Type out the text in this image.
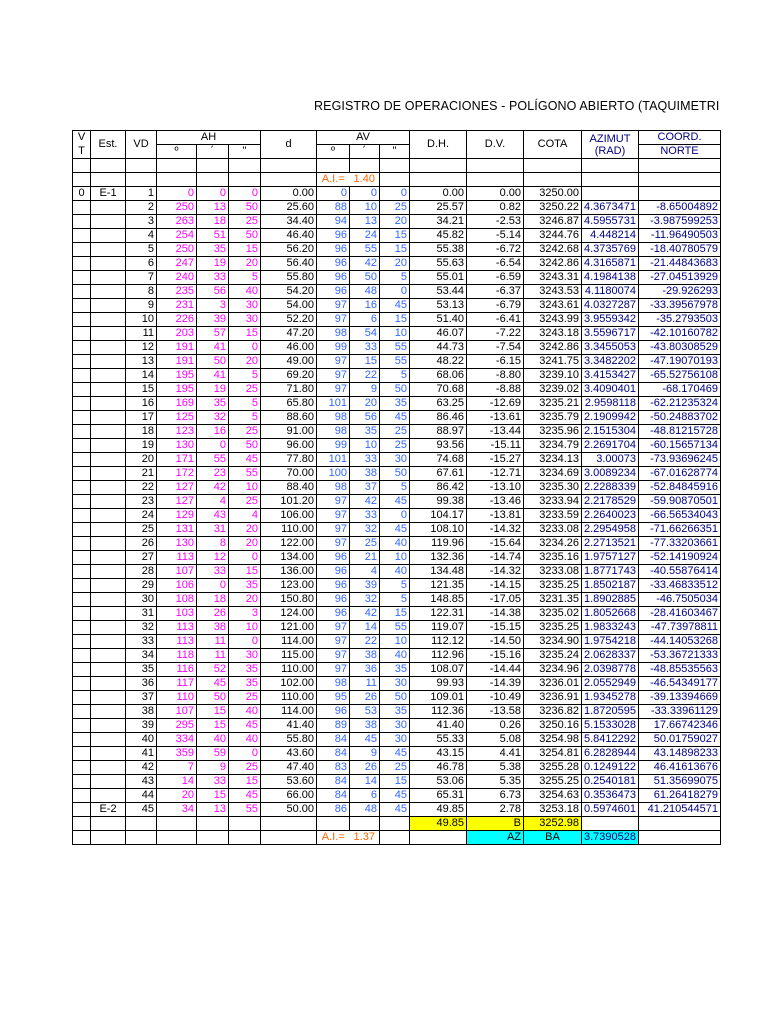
REGISTRO DE OPERACIONES - POLÍGONO ABIERTO (TAQUIMETRI
V	Est.	VD	AH			d	AV			D.H.	D.V.	COTA	AZIMUT
(RAD)	COORD.
T			º	´	"		º	´	"					NORTE

							A.I.=	1.40						
0	E-1	1	0	0	0	0.00	0	0	0	0.00	0.00	3250.00		
		2	250	13	50	25.60	88	10	25	25.57	0.82	3250.22	4.3673471	-8.65004892
		3	263	18	25	34.40	94	13	20	34.21	-2.53	3246.87	4.5955731	-3.987599253
		4	254	51	50	46.40	96	24	15	45.82	-5.14	3244.76	4.448214	-11.96490503
		5	250	35	15	56.20	96	55	15	55.38	-6.72	3242.68	4.3735769	-18.40780579
		6	247	19	20	56.40	96	42	20	55.63	-6.54	3242.86	4.3165871	-21.44843683
		7	240	33	5	55.80	96	50	5	55.01	-6.59	3243.31	4.1984138	-27.04513929
		8	235	56	40	54.20	96	48	0	53.44	-6.37	3243.53	4.1180074	-29.926293
		9	231	3	30	54.00	97	16	45	53.13	-6.79	3243.61	4.0327287	-33.39567978
		10	226	39	30	52.20	97	6	15	51.40	-6.41	3243.99	3.9559342	-35.2793503
		11	203	57	15	47.20	98	54	10	46.07	-7.22	3243.18	3.5596717	-42.10160782
		12	191	41	0	46.00	99	33	55	44.73	-7.54	3242.86	3.3455053	-43.80308529
		13	191	50	20	49.00	97	15	55	48.22	-6.15	3241.75	3.3482202	-47.19070193
		14	195	41	5	69.20	97	22	5	68.06	-8.80	3239.10	3.4153427	-65.52756108
		15	195	19	25	71.80	97	9	50	70.68	-8.88	3239.02	3.4090401	-68.170469
		16	169	35	5	65.80	101	20	35	63.25	-12.69	3235.21	2.9598118	-62.21235324
		17	125	32	5	88.60	98	56	45	86.46	-13.61	3235.79	2.1909942	-50.24883702
		18	123	16	25	91.00	98	35	25	88.97	-13.44	3235.96	2.1515304	-48.81215728
		19	130	0	50	96.00	99	10	25	93.56	-15.11	3234.79	2.2691704	-60.15657134
		20	171	55	45	77.80	101	33	30	74.68	-15.27	3234.13	3.00073	-73.93696245
		21	172	23	55	70.00	100	38	50	67.61	-12.71	3234.69	3.0089234	-67.01628774
		22	127	42	10	88.40	98	37	5	86.42	-13.10	3235.30	2.2288339	-52.84845916
		23	127	4	25	101.20	97	42	45	99.38	-13.46	3233.94	2.2178529	-59.90870501
		24	129	43	4	106.00	97	33	0	104.17	-13.81	3233.59	2.2640023	-66.56534043
		25	131	31	20	110.00	97	32	45	108.10	-14.32	3233.08	2.2954958	-71.66266351
		26	130	8	20	122.00	97	25	40	119.96	-15.64	3234.26	2.2713521	-77.33203661
		27	113	12	0	134.00	96	21	10	132.36	-14.74	3235.16	1.9757127	-52.14190924
		28	107	33	15	136.00	96	4	40	134.48	-14.32	3233.08	1.8771743	-40.55876414
		29	106	0	35	123.00	96	39	5	121.35	-14.15	3235.25	1.8502187	-33.46833512
		30	108	18	20	150.80	96	32	5	148.85	-17.05	3231.35	1.8902885	-46.7505034
		31	103	26	3	124.00	96	42	15	122.31	-14.38	3235.02	1.8052668	-28.41603467
		32	113	38	10	121.00	97	14	55	119.07	-15.15	3235.25	1.9833243	-47.73978811
		33	113	11	0	114.00	97	22	10	112.12	-14.50	3234.90	1.9754218	-44.14053268
		34	118	11	30	115.00	97	38	40	112.96	-15.16	3235.24	2.0628337	-53.36721333
		35	116	52	35	110.00	97	36	35	108.07	-14.44	3234.96	2.0398778	-48.85535563
		36	117	45	35	102.00	98	11	30	99.93	-14.39	3236.01	2.0552949	-46.54349177
		37	110	50	25	110.00	95	26	50	109.01	-10.49	3236.91	1.9345278	-39.13394669
		38	107	15	40	114.00	96	53	35	112.36	-13.58	3236.82	1.8720595	-33.33961129
		39	295	15	45	41.40	89	38	30	41.40	0.26	3250.16	5.1533028	17.66742346
		40	334	40	40	55.80	84	45	30	55.33	5.08	3254.98	5.8412292	50.01759027
		41	359	59	0	43.60	84	9	45	43.15	4.41	3254.81	6.2828944	43.14898233
		42	7	9	25	47.40	83	26	25	46.78	5.38	3255.28	0.1249122	46.41613676
		43	14	33	15	53.60	84	14	15	53.06	5.35	3255.25	0.2540181	51.35699075
		44	20	15	45	66.00	84	6	45	65.31	6.73	3254.63	0.3536473	61.26418279
	E-2	45	34	13	55	50.00	86	48	45	49.85	2.78	3253.18	0.5974601	41.210544571
										49.85	B	3252.98		
							A.I.=	1.37			AZ	BA	3.7390528	
